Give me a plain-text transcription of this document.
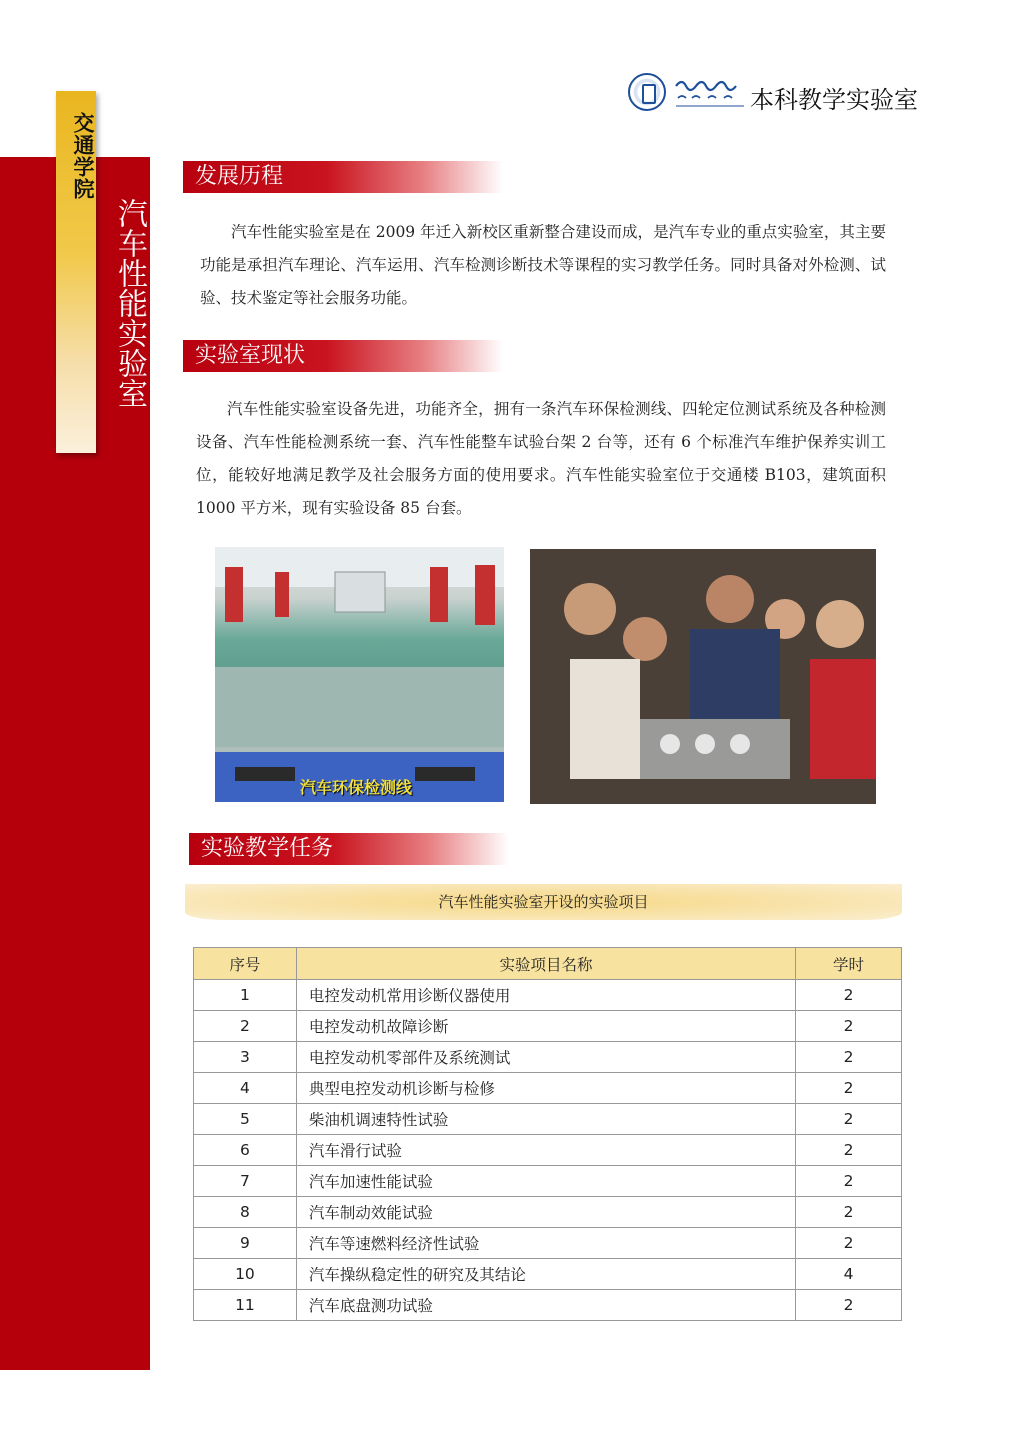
交通学院
汽车性能实验室
本科教学实验室
发展历程
汽车性能实验室是在 2009 年迁入新校区重新整合建设而成，是汽车专业的重点实验室，其主要功能是承担汽车理论、汽车运用、汽车检测诊断技术等课程的实习教学任务。同时具备对外检测、试验、技术鉴定等社会服务功能。
实验室现状
汽车性能实验室设备先进，功能齐全，拥有一条汽车环保检测线、四轮定位测试系统及各种检测设备、汽车性能检测系统一套、汽车性能整车试验台架 2 台等，还有 6 个标准汽车维护保养实训工位，能较好地满足教学及社会服务方面的使用要求。汽车性能实验室位于交通楼 B103，建筑面积 1000 平方米，现有实验设备 85 台套。
汽车环保检测线
实验教学任务
汽车性能实验室开设的实验项目
序号	实验项目名称	学时
1	电控发动机常用诊断仪器使用	2
2	电控发动机故障诊断	2
3	电控发动机零部件及系统测试	2
4	典型电控发动机诊断与检修	2
5	柴油机调速特性试验	2
6	汽车滑行试验	2
7	汽车加速性能试验	2
8	汽车制动效能试验	2
9	汽车等速燃料经济性试验	2
10	汽车操纵稳定性的研究及其结论	4
11	汽车底盘测功试验	2
